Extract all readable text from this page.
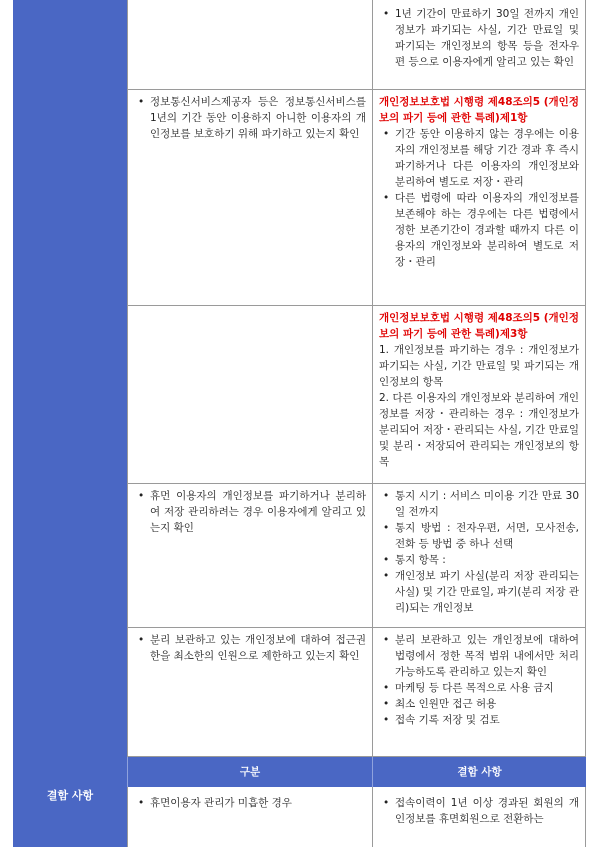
결함 사항
• 1년 기간이 만료하기 30일 전까지 개인정보가 파기되는 사실, 기간 만료일 및 파기되는 개인정보의 항목 등을 전자우편 등으로 이용자에게 알리고 있는 확인
• 정보통신서비스제공자 등은 정보통신서비스를 1년의 기간 동안 이용하지 아니한 이용자의 개인정보를 보호하기 위해 파기하고 있는지 확인
개인정보보호법 시행령 제48조의5 (개인정보의 파기 등에 관한 특례)제1항
• 기간 동안 이용하지 않는 경우에는 이용자의 개인정보를 해당 기간 경과 후 즉시 파기하거나 다른 이용자의 개인정보와 분리하여 별도로 저장・관리
• 다른 법령에 따라 이용자의 개인정보를 보존해야 하는 경우에는 다른 법령에서 정한 보존기간이 경과할 때까지 다른 이용자의 개인정보와 분리하여 별도로 저장・관리
개인정보보호법 시행령 제48조의5 (개인정보의 파기 등에 관한 특례)제3항
1. 개인정보를 파기하는 경우 : 개인정보가 파기되는 사실, 기간 만료일 및 파기되는 개인정보의 항목
2. 다른 이용자의 개인정보와 분리하여 개인정보를 저장・관리하는 경우 : 개인정보가 분리되어 저장・관리되는 사실, 기간 만료일 및 분리・저장되어 관리되는 개인정보의 항목
• 휴먼 이용자의 개인정보를 파기하거나 분리하여 저장 관리하려는 경우 이용자에게 알리고 있는지 확인
• 통지 시기 : 서비스 미이용 기간 만료 30일 전까지
• 통지 방법 : 전자우편, 서면, 모사전송, 전화 등 방법 중 하나 선택
• 통지 항목 :
• 개인정보 파기 사실(분리 저장 관리되는 사실) 및 기간 만료일, 파기(분리 저장 관리)되는 개인정보
• 분리 보관하고 있는 개인정보에 대하여 접근권한을 최소한의 인원으로 제한하고 있는지 확인
• 분리 보관하고 있는 개인정보에 대하여 법령에서 정한 목적 범위 내에서만 처리 가능하도록 관리하고 있는지 확인
• 마케팅 등 다른 목적으로 사용 금지
• 최소 인원만 접근 허용
• 접속 기록 저장 및 검토
구분	결함 사항
• 휴면이용자 관리가 미흡한 경우
•	접속이력이 1년 이상 경과된 회원의 개인정보를 휴면회원으로 전환하는
